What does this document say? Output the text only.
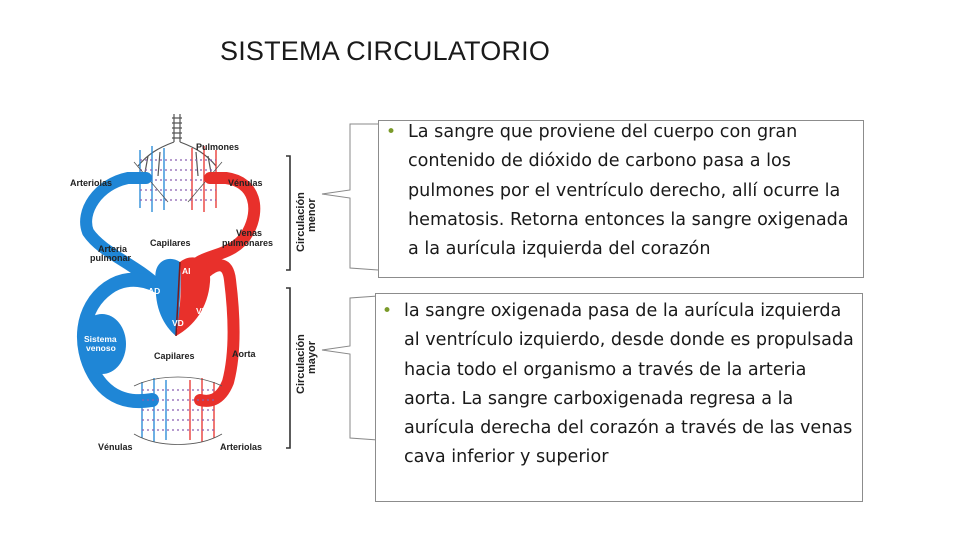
SISTEMA CIRCULATORIO
Pulmones
Arteriolas	Vénulas
Capilares
Venas
pulmonares
Arteria
pulmonar
AI
AD
VI
VD
Sistema
venoso
Capilares	Aorta
Vénulas	Arteriolas
Circulación menor
Circulación mayor
• La sangre que proviene del cuerpo con gran contenido de dióxido de carbono pasa a los pulmones por el ventrículo derecho, allí ocurre la hematosis. Retorna entonces la sangre oxigenada a la aurícula izquierda del corazón
• la sangre oxigenada pasa de la aurícula izquierda al ventrículo izquierdo, desde donde es propulsada hacia todo el organismo a través de la arteria aorta. La sangre carboxigenada regresa a la aurícula derecha del corazón a través de las venas cava inferior y superior
